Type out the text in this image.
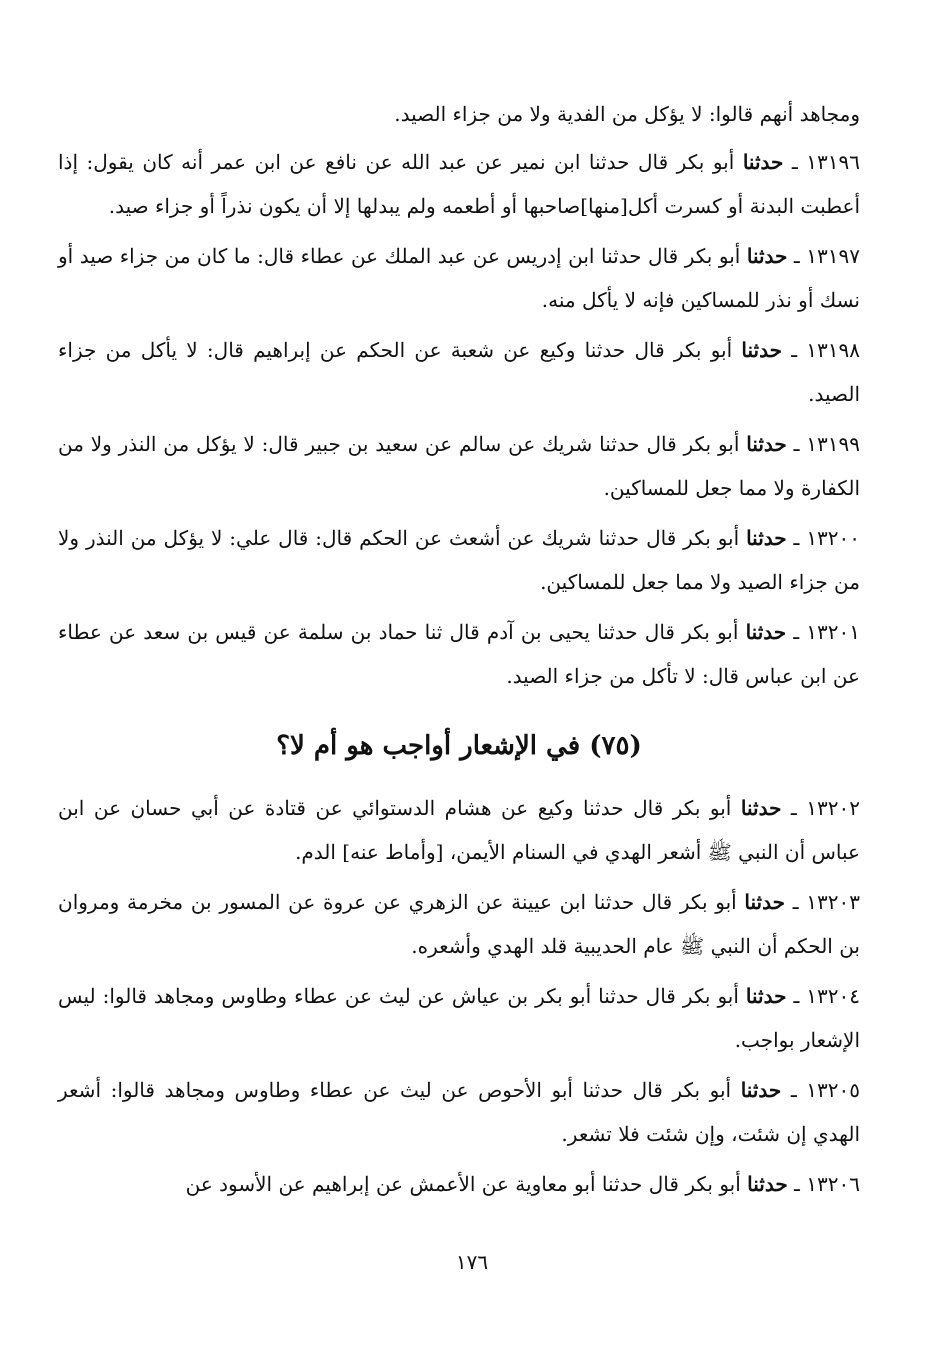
ومجاهد أنهم قالوا: لا يؤكل من الفدية ولا من جزاء الصيد.

١٣١٩٦ ـ حدثنا أبو بكر قال حدثنا ابن نمير عن عبد الله عن نافع عن ابن عمر أنه كان يقول: إذا أعطبت البدنة أو كسرت أكل[منها]صاحبها أو أطعمه ولم يبدلها إلا أن يكون نذراً أو جزاء صيد.

١٣١٩٧ ـ حدثنا أبو بكر قال حدثنا ابن إدريس عن عبد الملك عن عطاء قال: ما كان من جزاء صيد أو نسك أو نذر للمساكين فإنه لا يأكل منه.

١٣١٩٨ ـ حدثنا أبو بكر قال حدثنا وكيع عن شعبة عن الحكم عن إبراهيم قال: لا يأكل من جزاء الصيد.

١٣١٩٩ ـ حدثنا أبو بكر قال حدثنا شريك عن سالم عن سعيد بن جبير قال: لا يؤكل من النذر ولا من الكفارة ولا مما جعل للمساكين.

١٣٢٠٠ ـ حدثنا أبو بكر قال حدثنا شريك عن أشعث عن الحكم قال: قال علي: لا يؤكل من النذر ولا من جزاء الصيد ولا مما جعل للمساكين.

١٣٢٠١ ـ حدثنا أبو بكر قال حدثنا يحيى بن آدم قال ثنا حماد بن سلمة عن قيس بن سعد عن عطاء عن ابن عباس قال: لا تأكل من جزاء الصيد.

(٧٥) في الإشعار أواجب هو أم لا؟

١٣٢٠٢ ـ حدثنا أبو بكر قال حدثنا وكيع عن هشام الدستوائي عن قتادة عن أبي حسان عن ابن عباس أن النبي ﷺ أشعر الهدي في السنام الأيمن، [وأماط عنه] الدم.

١٣٢٠٣ ـ حدثنا أبو بكر قال حدثنا ابن عيينة عن الزهري عن عروة عن المسور بن مخرمة ومروان بن الحكم أن النبي ﷺ عام الحديبية قلد الهدي وأشعره.

١٣٢٠٤ ـ حدثنا أبو بكر قال حدثنا أبو بكر بن عياش عن ليث عن عطاء وطاوس ومجاهد قالوا: ليس الإشعار بواجب.

١٣٢٠٥ ـ حدثنا أبو بكر قال حدثنا أبو الأحوص عن ليث عن عطاء وطاوس ومجاهد قالوا: أشعر الهدي إن شئت، وإن شئت فلا تشعر.

١٣٢٠٦ ـ حدثنا أبو بكر قال حدثنا أبو معاوية عن الأعمش عن إبراهيم عن الأسود عن

١٧٦
